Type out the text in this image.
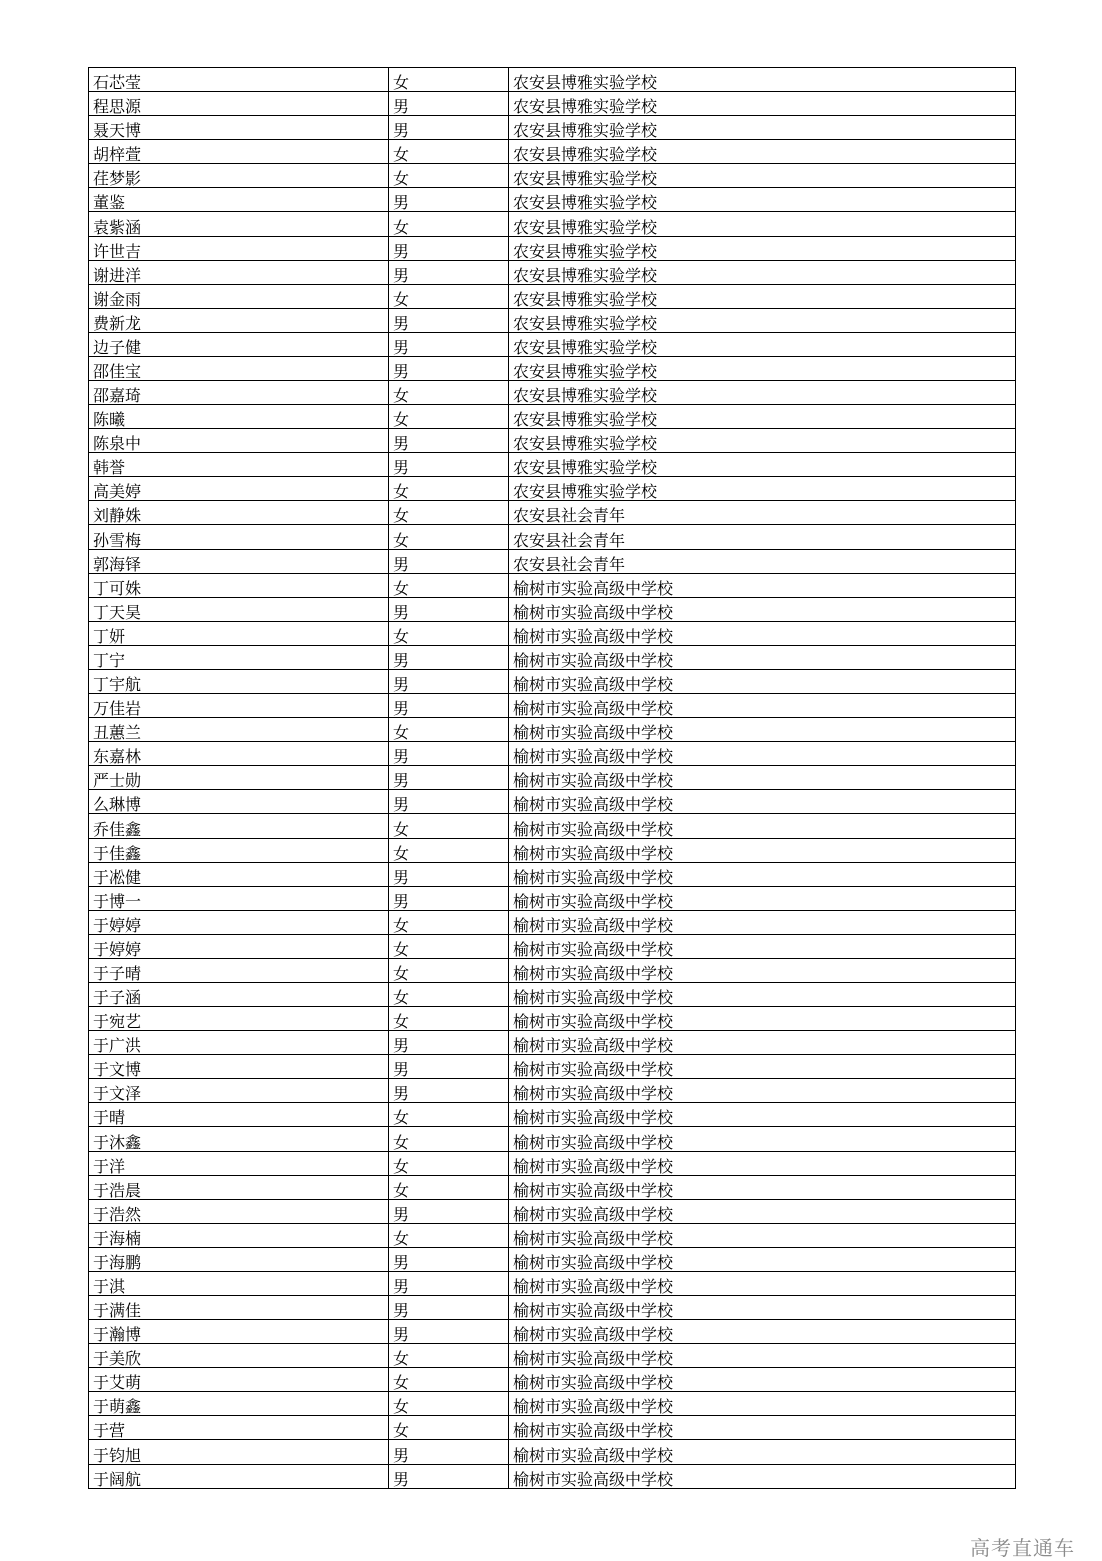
石芯莹	女	农安县博雅实验学校
程思源	男	农安县博雅实验学校
聂天博	男	农安县博雅实验学校
胡梓萱	女	农安县博雅实验学校
荏梦影	女	农安县博雅实验学校
董鉴	男	农安县博雅实验学校
袁紫涵	女	农安县博雅实验学校
许世吉	男	农安县博雅实验学校
谢进洋	男	农安县博雅实验学校
谢金雨	女	农安县博雅实验学校
费新龙	男	农安县博雅实验学校
边子健	男	农安县博雅实验学校
邵佳宝	男	农安县博雅实验学校
邵嘉琦	女	农安县博雅实验学校
陈曦	女	农安县博雅实验学校
陈泉中	男	农安县博雅实验学校
韩誉	男	农安县博雅实验学校
高美婷	女	农安县博雅实验学校
刘静姝	女	农安县社会青年
孙雪梅	女	农安县社会青年
郭海铎	男	农安县社会青年
丁可姝	女	榆树市实验高级中学校
丁天昊	男	榆树市实验高级中学校
丁妍	女	榆树市实验高级中学校
丁宁	男	榆树市实验高级中学校
丁宇航	男	榆树市实验高级中学校
万佳岩	男	榆树市实验高级中学校
丑蕙兰	女	榆树市实验高级中学校
东嘉林	男	榆树市实验高级中学校
严士勋	男	榆树市实验高级中学校
么琳博	男	榆树市实验高级中学校
乔佳鑫	女	榆树市实验高级中学校
于佳鑫	女	榆树市实验高级中学校
于凇健	男	榆树市实验高级中学校
于博一	男	榆树市实验高级中学校
于婷婷	女	榆树市实验高级中学校
于婷婷	女	榆树市实验高级中学校
于子晴	女	榆树市实验高级中学校
于子涵	女	榆树市实验高级中学校
于宛艺	女	榆树市实验高级中学校
于广洪	男	榆树市实验高级中学校
于文博	男	榆树市实验高级中学校
于文泽	男	榆树市实验高级中学校
于晴	女	榆树市实验高级中学校
于沐鑫	女	榆树市实验高级中学校
于洋	女	榆树市实验高级中学校
于浩晨	女	榆树市实验高级中学校
于浩然	男	榆树市实验高级中学校
于海楠	女	榆树市实验高级中学校
于海鹏	男	榆树市实验高级中学校
于淇	男	榆树市实验高级中学校
于满佳	男	榆树市实验高级中学校
于瀚博	男	榆树市实验高级中学校
于美欣	女	榆树市实验高级中学校
于艾萌	女	榆树市实验高级中学校
于萌鑫	女	榆树市实验高级中学校
于营	女	榆树市实验高级中学校
于钧旭	男	榆树市实验高级中学校
于阔航	男	榆树市实验高级中学校
高考直通车
